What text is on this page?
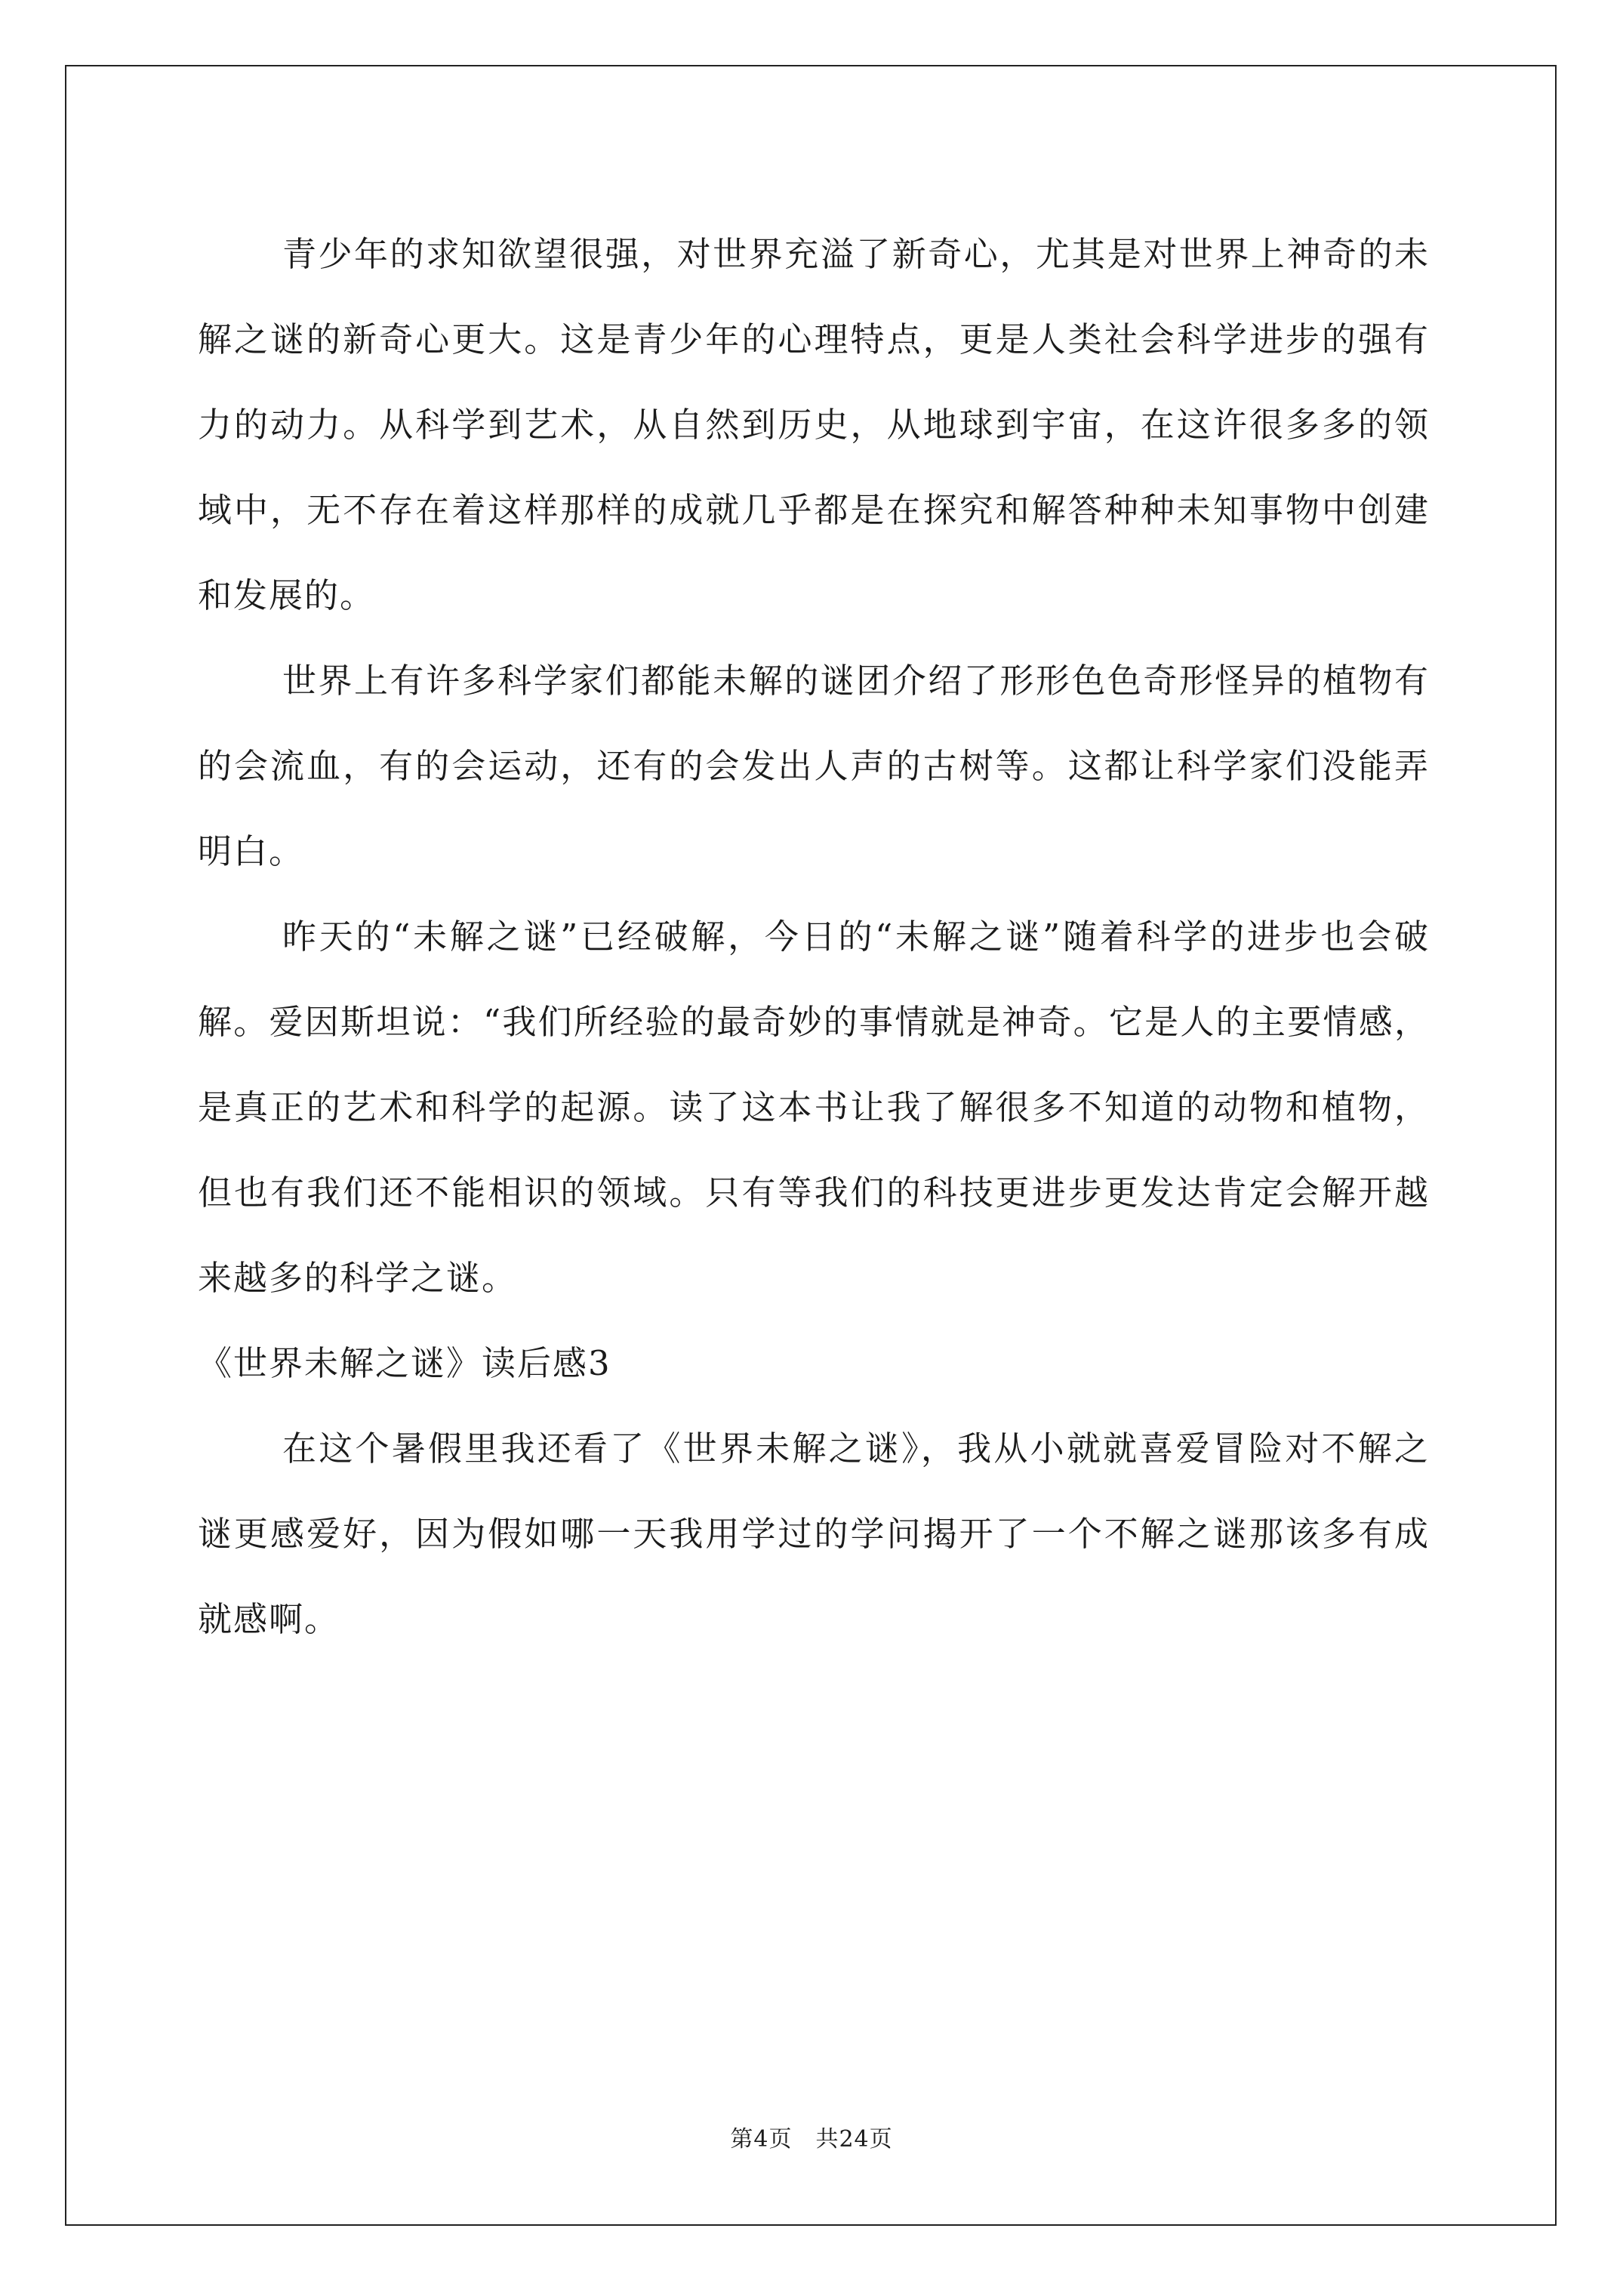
青少年的求知欲望很强，对世界充溢了新奇心，尤其是对世界上神奇的未解之谜的新奇心更大。这是青少年的心理特点，更是人类社会科学进步的强有力的动力。从科学到艺术，从自然到历史，从地球到宇宙，在这许很多多的领域中，无不存在着这样那样的成就几乎都是在探究和解答种种未知事物中创建和发展的。

世界上有许多科学家们都能未解的谜团介绍了形形色色奇形怪异的植物有的会流血，有的会运动，还有的会发出人声的古树等。这都让科学家们没能弄明白。

昨天的“未解之谜”已经破解，今日的“未解之谜”随着科学的进步也会破解。爱因斯坦说：“我们所经验的最奇妙的事情就是神奇。它是人的主要情感，是真正的艺术和科学的起源。读了这本书让我了解很多不知道的动物和植物，但也有我们还不能相识的领域。只有等我们的科技更进步更发达肯定会解开越来越多的科学之谜。

《世界未解之谜》读后感3

在这个暑假里我还看了《世界未解之谜》，我从小就就喜爱冒险对不解之谜更感爱好，因为假如哪一天我用学过的学问揭开了一个不解之谜那该多有成就感啊。

第4页　共24页
